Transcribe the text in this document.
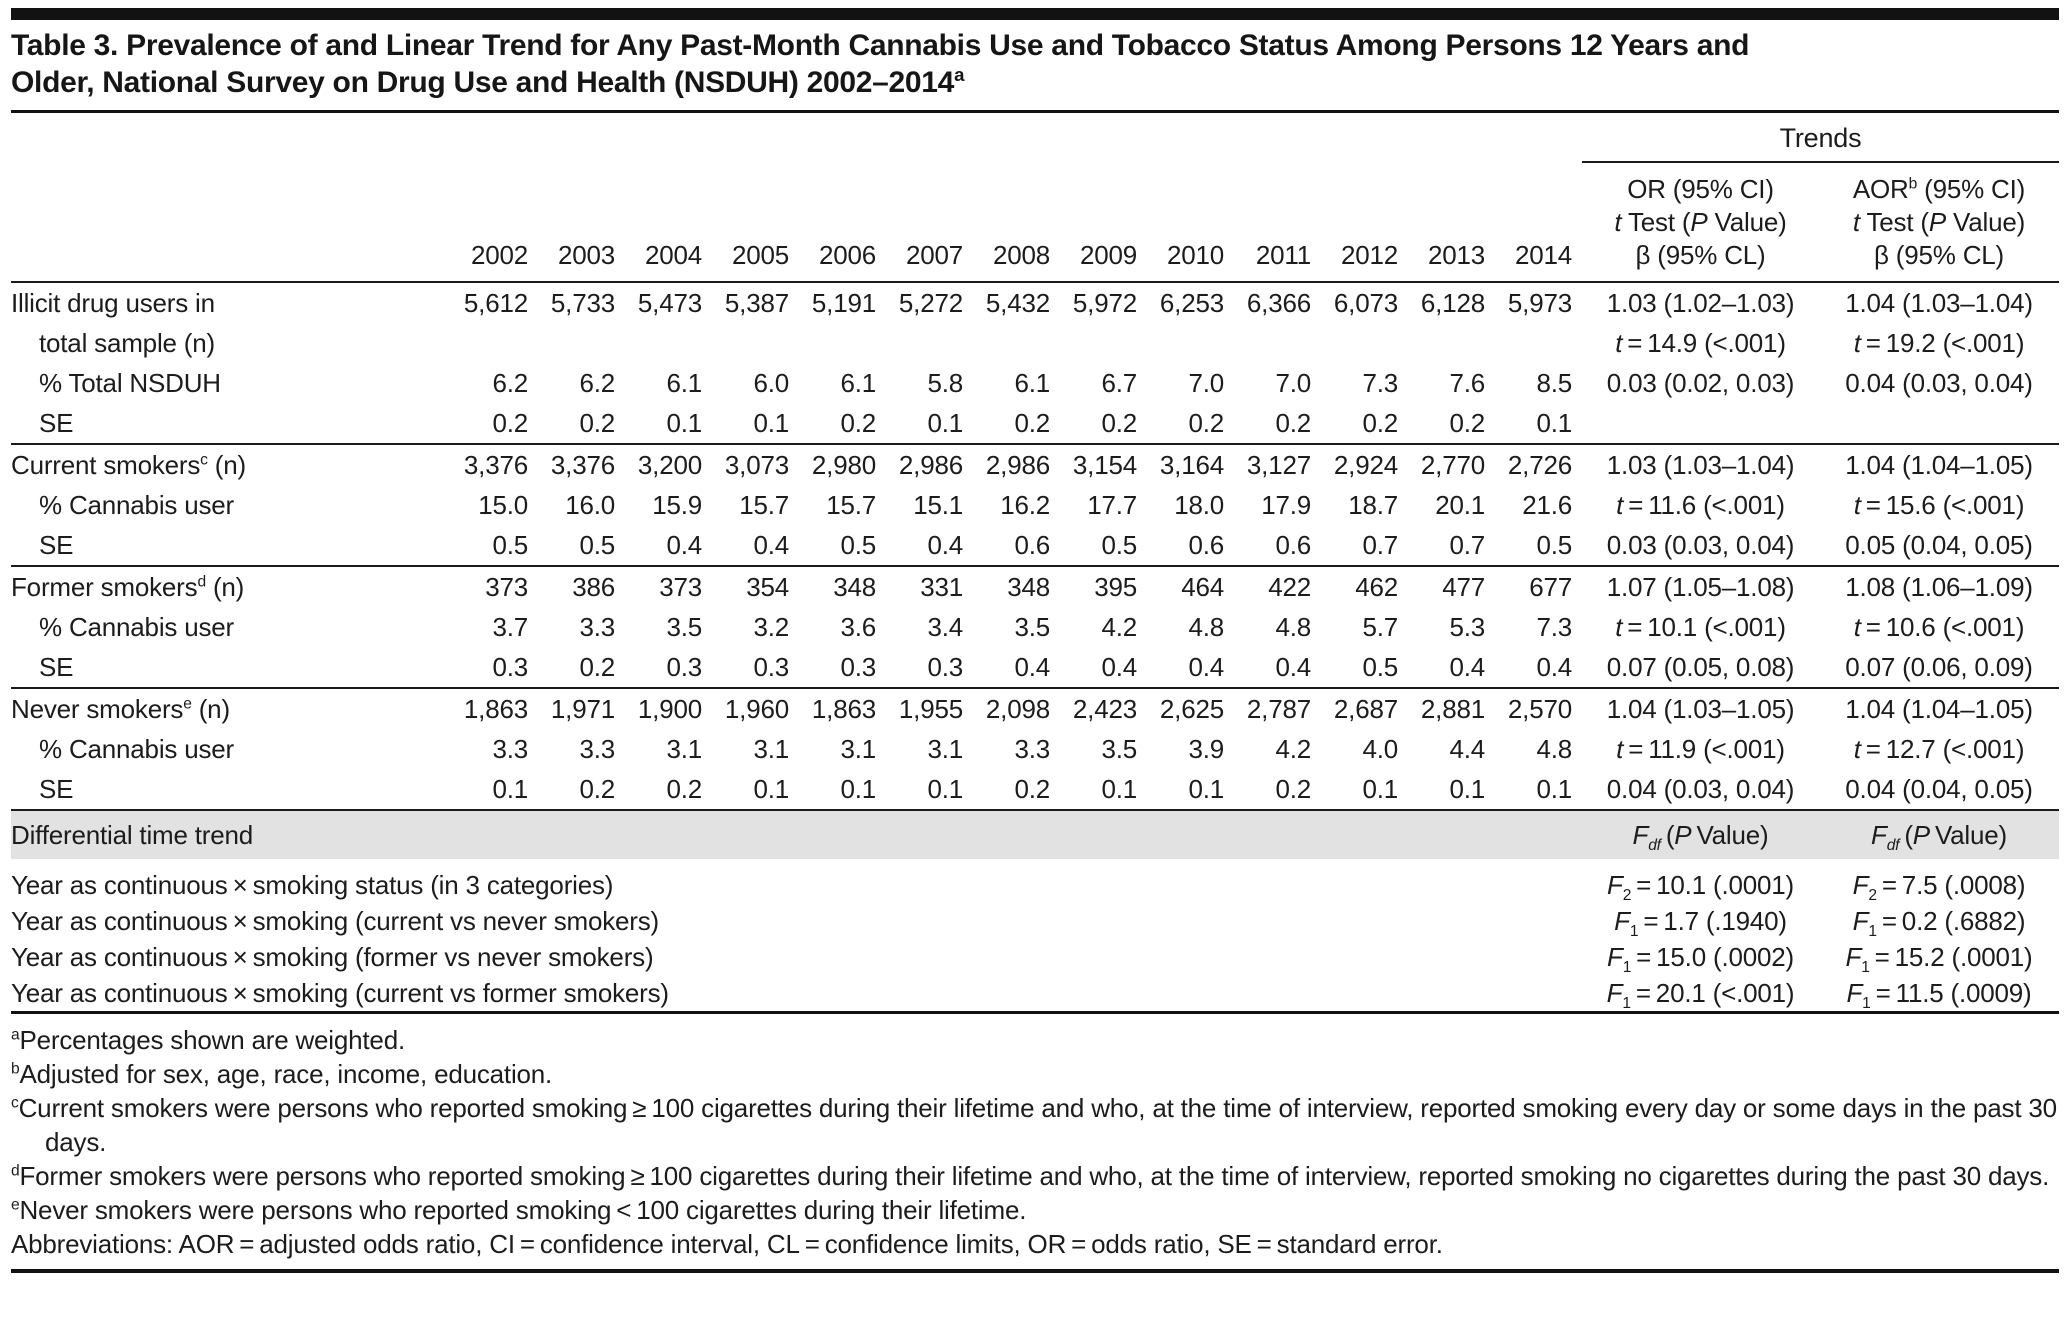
Table 3. Prevalence of and Linear Trend for Any Past-Month Cannabis Use and Tobacco Status Among Persons 12 Years and
Older, National Survey on Drug Use and Health (NSDUH) 2002–2014$^a$
														Trends	
	2002	2003	2004	2005	2006	2007	2008	2009	2010	2011	2012	2013	2014	OR (95% CI)
t Test (P Value)
β (95% CL)	AOR$^b$ (95% CI)
t Test (P Value)
β (95% CL)

Illicit drug users in	5,612	5,733	5,473	5,387	5,191	5,272	5,432	5,972	6,253	6,366	6,073	6,128	5,973	1.03 (1.02–1.03)	1.04 (1.03–1.04)
total sample (n)														t = 14.9 (<.001)	t = 19.2 (<.001)
% Total NSDUH	6.2	6.2	6.1	6.0	6.1	5.8	6.1	6.7	7.0	7.0	7.3	7.6	8.5	0.03 (0.02, 0.03)	0.04 (0.03, 0.04)
SE	0.2	0.2	0.1	0.1	0.2	0.1	0.2	0.2	0.2	0.2	0.2	0.2	0.1		
Current smokers$^c$ (n)	3,376	3,376	3,200	3,073	2,980	2,986	2,986	3,154	3,164	3,127	2,924	2,770	2,726	1.03 (1.03–1.04)	1.04 (1.04–1.05)
% Cannabis user	15.0	16.0	15.9	15.7	15.7	15.1	16.2	17.7	18.0	17.9	18.7	20.1	21.6	t = 11.6 (<.001)	t = 15.6 (<.001)
SE	0.5	0.5	0.4	0.4	0.5	0.4	0.6	0.5	0.6	0.6	0.7	0.7	0.5	0.03 (0.03, 0.04)	0.05 (0.04, 0.05)
Former smokers$^d$ (n)	373	386	373	354	348	331	348	395	464	422	462	477	677	1.07 (1.05–1.08)	1.08 (1.06–1.09)
% Cannabis user	3.7	3.3	3.5	3.2	3.6	3.4	3.5	4.2	4.8	4.8	5.7	5.3	7.3	t = 10.1 (<.001)	t = 10.6 (<.001)
SE	0.3	0.2	0.3	0.3	0.3	0.3	0.4	0.4	0.4	0.4	0.5	0.4	0.4	0.07 (0.05, 0.08)	0.07 (0.06, 0.09)
Never smokers$^e$ (n)	1,863	1,971	1,900	1,960	1,863	1,955	2,098	2,423	2,625	2,787	2,687	2,881	2,570	1.04 (1.03–1.05)	1.04 (1.04–1.05)
% Cannabis user	3.3	3.3	3.1	3.1	3.1	3.1	3.3	3.5	3.9	4.2	4.0	4.4	4.8	t = 11.9 (<.001)	t = 12.7 (<.001)
SE	0.1	0.2	0.2	0.1	0.1	0.1	0.2	0.1	0.1	0.2	0.1	0.1	0.1	0.04 (0.03, 0.04)	0.04 (0.04, 0.05)
Differential time trend														$F_{df}$ (P Value)	$F_{df}$ (P Value)
Year as continuous × smoking status (in 3 categories)														$F_2 = 10.1$ (.0001)	$F_2 = 7.5$ (.0008)
Year as continuous × smoking (current vs never smokers)														$F_1 = 1.7$ (.1940)	$F_1 = 0.2$ (.6882)
Year as continuous × smoking (former vs never smokers)														$F_1 = 15.0$ (.0002)	$F_1 = 15.2$ (.0001)
Year as continuous × smoking (current vs former smokers)														$F_1 = 20.1$ (<.001)	$F_1 = 11.5$ (.0009)
$^a$Percentages shown are weighted.
$^b$Adjusted for sex, age, race, income, education.
$^c$Current smokers were persons who reported smoking ≥ 100 cigarettes during their lifetime and who, at the time of interview, reported smoking every day or some days in the past 30 days.
$^d$Former smokers were persons who reported smoking ≥ 100 cigarettes during their lifetime and who, at the time of interview, reported smoking no cigarettes during the past 30 days.
$^e$Never smokers were persons who reported smoking < 100 cigarettes during their lifetime.
Abbreviations: AOR = adjusted odds ratio, CI = confidence interval, CL = confidence limits, OR = odds ratio, SE = standard error.
